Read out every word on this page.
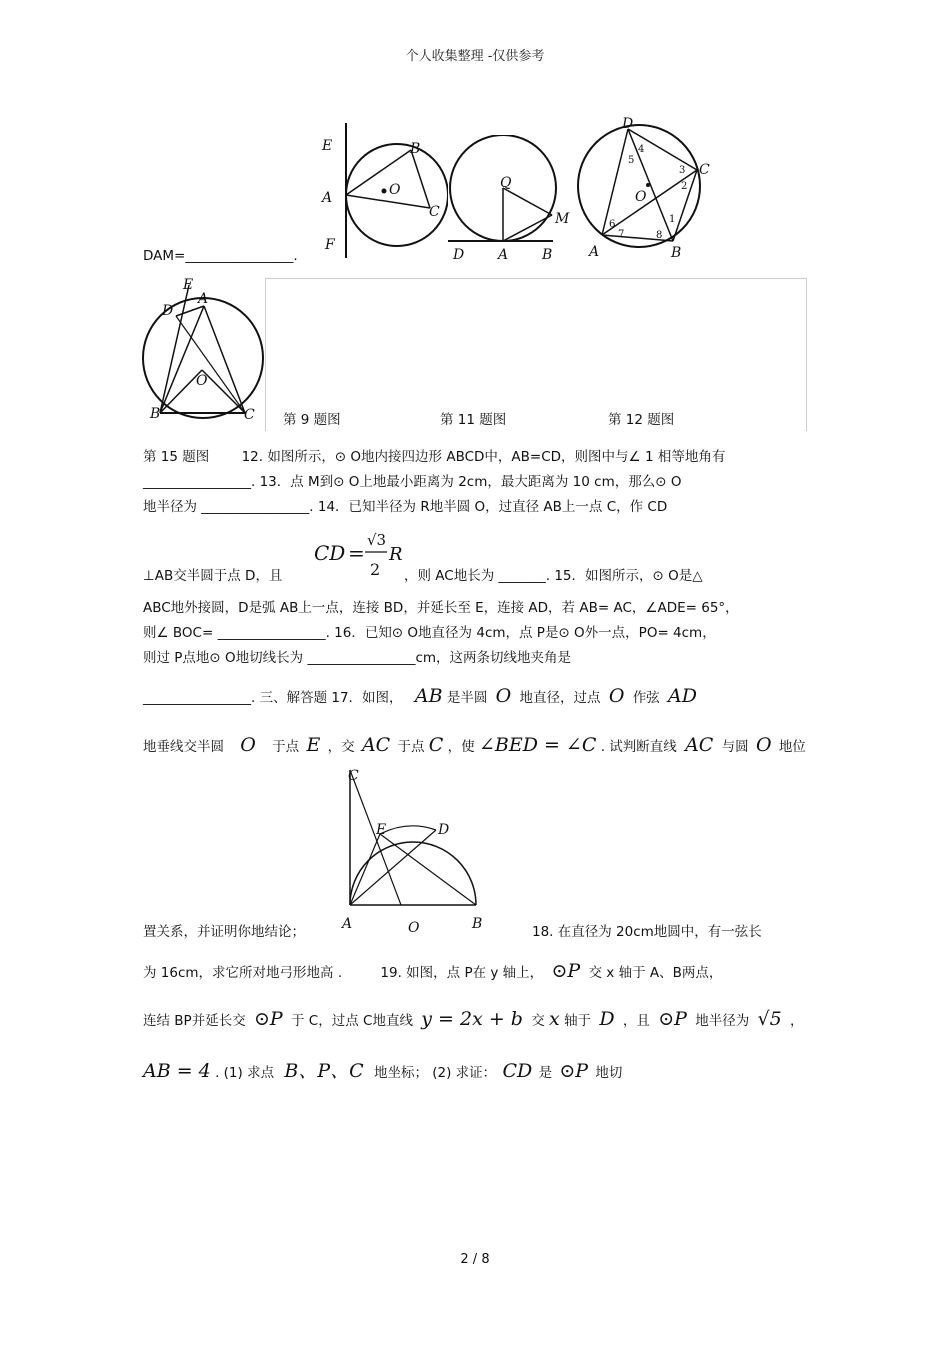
个人收集整理 -仅供参考
E	B
A	O
C
F
Q
M
D A B
D
C
O
A	B
4
5
3
2
6
7	8
1
DAM=________________.
E
A
D
O
B	C 第 9 题图	第 11 题图	第 12 题图
第 15 题图 12. 如图所示，⊙ O地内接四边形 ABCD中，AB=CD，则图中与∠ 1 相等地角有
________________. 13．点 M到⊙ O上地最小距离为 2cm，最大距离为 10 cm，那么⊙ O
地半径为 ________________. 14．已知半径为 R地半圆 O，过直径 AB上一点 C，作 CD
⊥AB交半圆于点 D，且
CD =
√3
2
R
，则 AC地长为 _______. 15．如图所示，⊙ O是△
ABC地外接圆，D是弧 AB上一点，连接 BD，并延长至 E，连接 AD，若 AB= AC，∠ADE= 65°，
则∠ BOC= ________________. 16．已知⊙ O地直径为 4cm，点 P是⊙ O外一点，PO= 4cm，
则过 P点地⊙ O地切线长为 ________________cm，这两条切线地夹角是
________________. 三、解答题 17．如图， AB 是半圆 O 地直径，过点 O 作弦 AD
地垂线交半圆 O 于点 E ，交 AC 于点 C ，使 ∠BED = ∠C . 试判断直线 AC 与圆 O 地位
C
E	D
A	O	B
置关系，并证明你地结论；	18. 在直径为 20cm地圆中，有一弦长
为 16cm，求它所对地弓形地高 .	19. 如图，点 P在 y 轴上， ⊙P 交 x 轴于 A、B两点，
连结 BP并延长交 ⊙P 于 C，过点 C地直线 y = 2x + b 交 x 轴于 D ，且 ⊙P 地半径为 √5 ，
AB = 4 . (1) 求点 B、P、C 地坐标； (2) 求证： CD 是 ⊙P 地切
2 / 8
